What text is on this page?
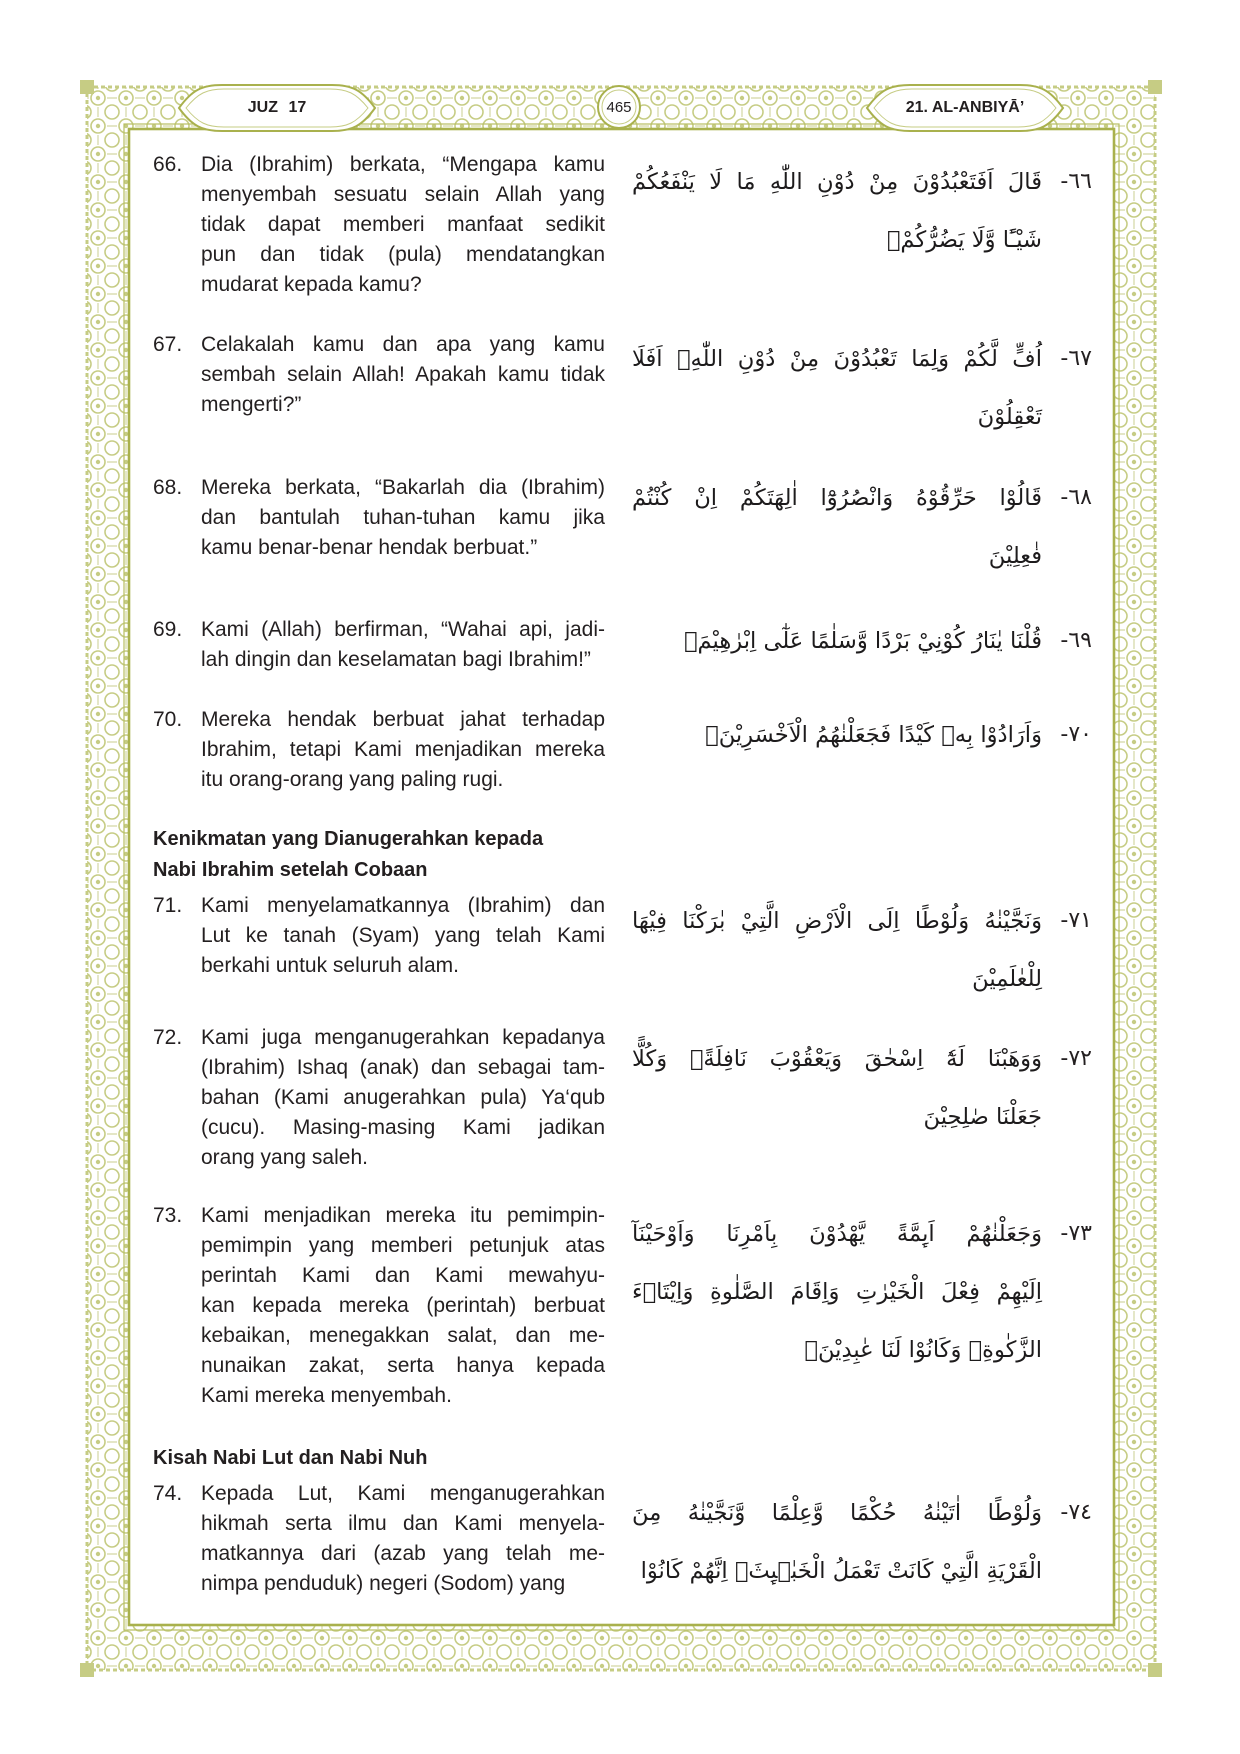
JUZ 17	465	21. AL-ANBIYĀ’
66. Dia (Ibrahim) berkata, “Mengapa kamu
menyembah sesuatu selain Allah yang
tidak dapat memberi manfaat sedikit
pun dan tidak (pula) mendatangkan
mudarat kepada kamu?
قَالَ اَفَتَعْبُدُوْنَ مِنْ دُوْنِ اللّٰهِ مَا لَا يَنْفَعُكُمْ
شَيْـًٔا وَّلَا يَضُرُّكُمْۗ
-٦٦
67. Celakalah kamu dan apa yang kamu
sembah selain Allah! Apakah kamu tidak
mengerti?”
اُفٍّ لَّكُمْ وَلِمَا تَعْبُدُوْنَ مِنْ دُوْنِ اللّٰهِۗ اَفَلَا
تَعْقِلُوْنَ
-٦٧
68. Mereka berkata, “Bakarlah dia (Ibrahim)
dan bantulah tuhan-tuhan kamu jika
kamu benar-benar hendak berbuat.”
قَالُوْا حَرِّقُوْهُ وَانْصُرُوْٓا اٰلِهَتَكُمْ اِنْ كُنْتُمْ
فٰعِلِيْنَ
-٦٨
69. Kami (Allah) berfirman, “Wahai api, jadi-
lah dingin dan keselamatan bagi Ibrahim!”
قُلْنَا يٰنَارُ كُوْنِيْ بَرْدًا وَّسَلٰمًا عَلٰٓى اِبْرٰهِيْمَۙ -٦٩
70. Mereka hendak berbuat jahat terhadap
Ibrahim, tetapi Kami menjadikan mereka
itu orang-orang yang paling rugi.
وَاَرَادُوْا بِهٖ كَيْدًا فَجَعَلْنٰهُمُ الْاَخْسَرِيْنَۚ -٧٠
Kenikmatan yang Dianugerahkan kepada
Nabi Ibrahim setelah Cobaan
71. Kami menyelamatkannya (Ibrahim) dan
Lut ke tanah (Syam) yang telah Kami
berkahi untuk seluruh alam.
وَنَجَّيْنٰهُ وَلُوْطًا اِلَى الْاَرْضِ الَّتِيْ بٰرَكْنَا فِيْهَا
لِلْعٰلَمِيْنَ
-٧١
72. Kami juga menganugerahkan kepadanya
(Ibrahim) Ishaq (anak) dan sebagai tam-
bahan (Kami anugerahkan pula) Ya‘qub
(cucu). Masing-masing Kami jadikan
orang yang saleh.
وَوَهَبْنَا لَهٗٓ اِسْحٰقَ وَيَعْقُوْبَ نَافِلَةًۗ وَكُلًّا
جَعَلْنَا صٰلِحِيْنَ
-٧٢
73. Kami menjadikan mereka itu pemimpin-
pemimpin yang memberi petunjuk atas
perintah Kami dan Kami mewahyu-
kan kepada mereka (perintah) berbuat
kebaikan, menegakkan salat, dan me-
nunaikan zakat, serta hanya kepada
Kami mereka menyembah.
وَجَعَلْنٰهُمْ اَىِٕمَّةً يَّهْدُوْنَ بِاَمْرِنَا وَاَوْحَيْنَآ
اِلَيْهِمْ فِعْلَ الْخَيْرٰتِ وَاِقَامَ الصَّلٰوةِ وَاِيْتَاۤءَ
الزَّكٰوةِۚ وَكَانُوْا لَنَا عٰبِدِيْنَۙ
-٧٣
Kisah Nabi Lut dan Nabi Nuh
74. Kepada Lut, Kami menganugerahkan
hikmah serta ilmu dan Kami menyela-
matkannya dari (azab yang telah me-
nimpa penduduk) negeri (Sodom) yang
وَلُوْطًا اٰتَيْنٰهُ حُكْمًا وَّعِلْمًا وَّنَجَّيْنٰهُ مِنَ
الْقَرْيَةِ الَّتِيْ كَانَتْ تَعْمَلُ الْخَبٰۤىِٕثَۗ اِنَّهُمْ كَانُوْا
-٧٤
